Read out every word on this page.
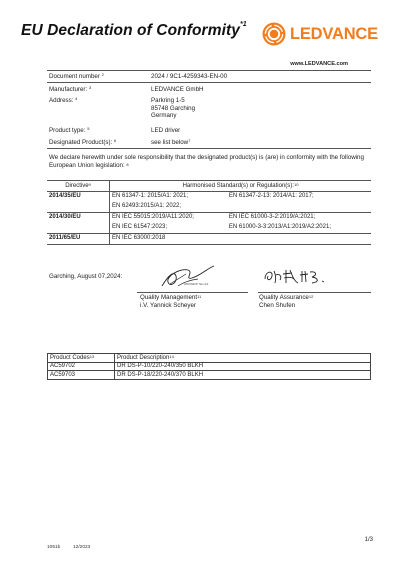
EU Declaration of Conformity$^{*1}$	LEDVANCE
www.LEDVANCE.com
Document number $^2$	2024 / 9C1-4259343-EN-00
Manufacturer: $^3$	LEDVANCE GmbH
Address: $^4$	Parkring 1-5
85748 Garching
Germany
Product type: $^5$	LED driver
Designated Product(s): $^6$	see list below$^7$
We declare herewith under sole responsibility that the designated product(s) is (are) in conformity with the following European Union legislation: $^8$
Directive$^9$	Harmonised Standard(s) or Regulation(s):$^{10}$
2014/35/EU	EN 61347-1: 2015/A1: 2021;	EN 61347-2-13: 2014/A1: 2017;
	EN 62493:2015/A1: 2022;	
2014/30/EU	EN IEC 55015:2019/A11:2020;	EN IEC 61000-3-2:2019/A:2021;
	EN IEC 61547:2023;	EN 61000-3-3:2013/A1:2019/A2:2021;
2011/65/EU	EN IEC 63000:2018	
Garching, August 07,2024:
LEDVANCE Yannick
Quality Management$^{11}$
i.V. Yannick Scheyer
Quality Assurance$^{12}$
Chen Shufen
Product Codes$^{13}$	Product Description$^{14}$
AC59702	DR DS-P-10/220-240/350 BLKH
AC59703	DR DS-P-18/220-240/370 BLKH
1/3
1051b	12/2023
